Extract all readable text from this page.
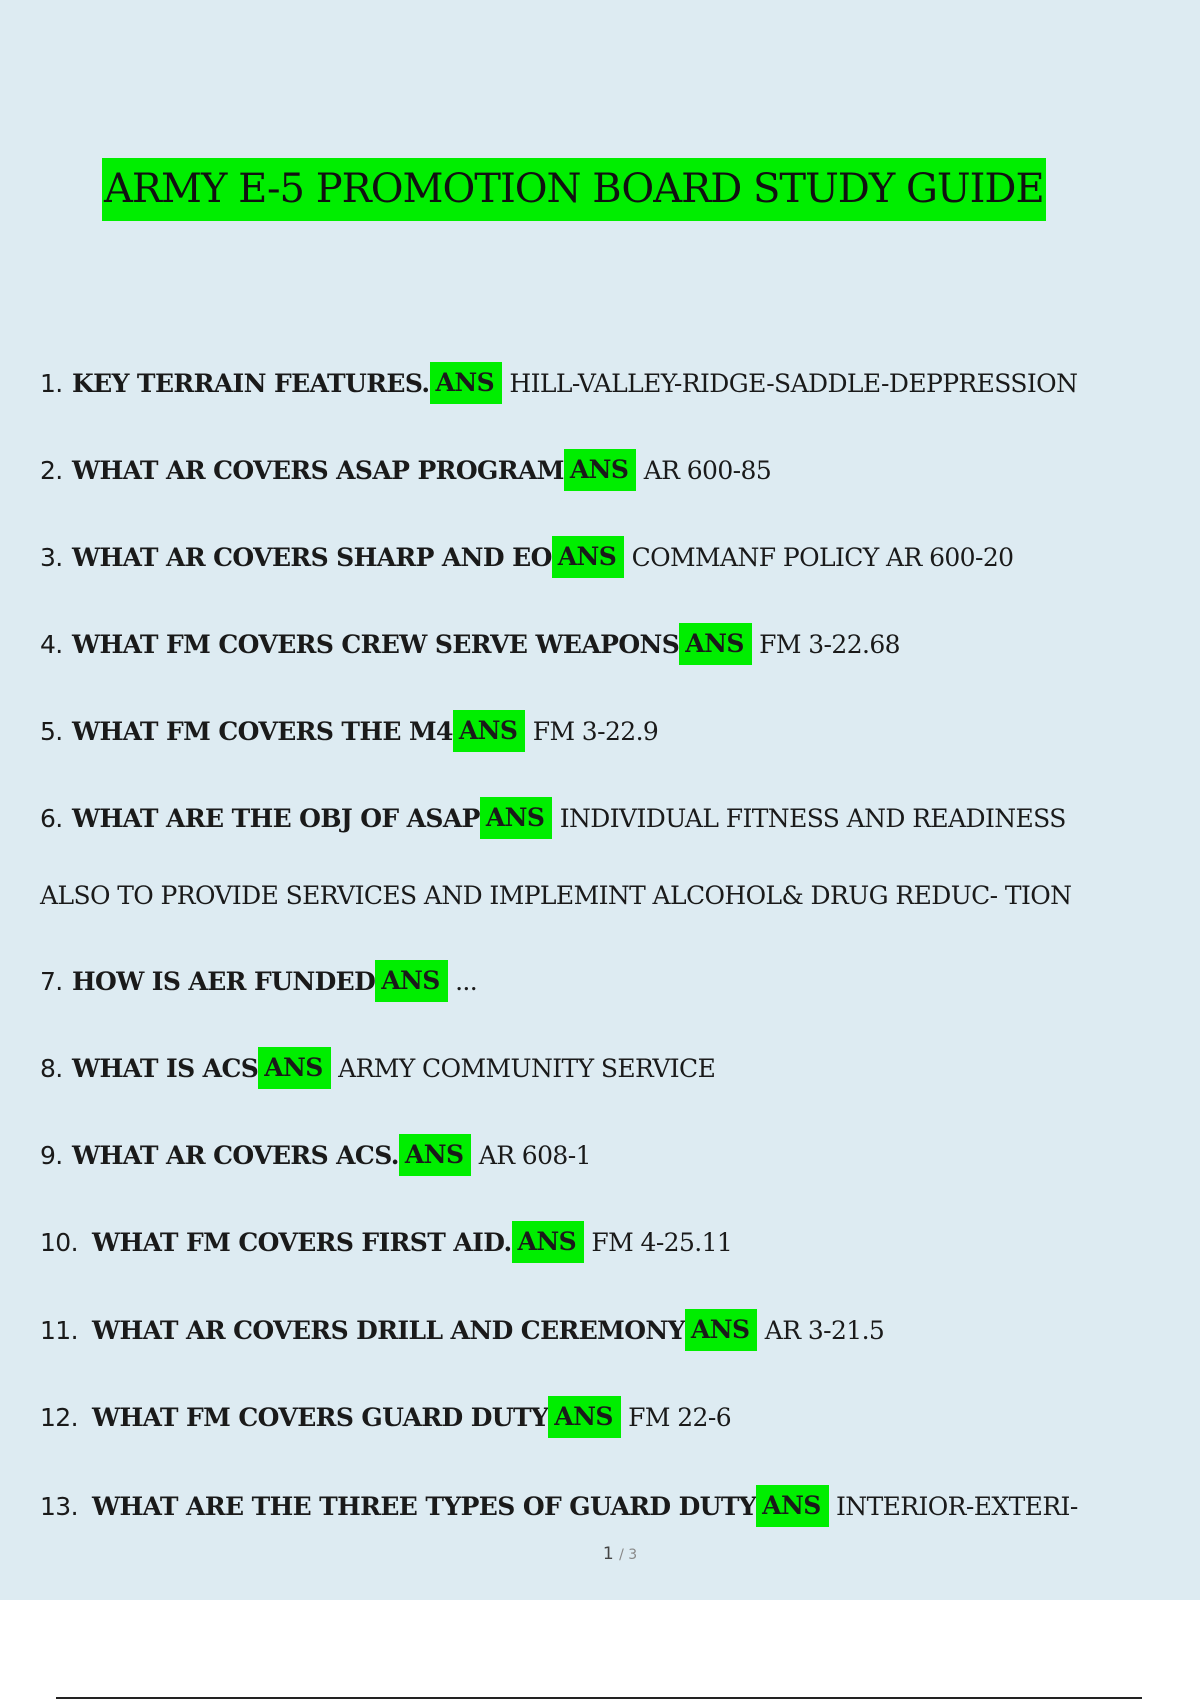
ARMY E-5 PROMOTION BOARD STUDY GUIDE
1. KEY TERRAIN FEATURES. ANS HILL-VALLEY-RIDGE-SADDLE-DEPPRESSION
2. WHAT AR COVERS ASAP PROGRAM ANS AR 600-85
3. WHAT AR COVERS SHARP AND EO ANS COMMANF POLICY AR 600-20
4. WHAT FM COVERS CREW SERVE WEAPONS ANS FM 3-22.68
5. WHAT FM COVERS THE M4 ANS FM 3-22.9
6. WHAT ARE THE OBJ OF ASAP ANS INDIVIDUAL FITNESS AND READINESS
ALSO TO PROVIDE SERVICES AND IMPLEMINT ALCOHOL& DRUG REDUC- TION
7. HOW IS AER FUNDED ANS ...
8. WHAT IS ACS ANS ARMY COMMUNITY SERVICE
9. WHAT AR COVERS ACS. ANS AR 608-1
10. WHAT FM COVERS FIRST AID. ANS FM 4-25.11
11. WHAT AR COVERS DRILL AND CEREMONY ANS AR 3-21.5
12. WHAT FM COVERS GUARD DUTY ANS FM 22-6
13. WHAT ARE THE THREE TYPES OF GUARD DUTY ANS INTERIOR-EXTERI-
1 / 3
